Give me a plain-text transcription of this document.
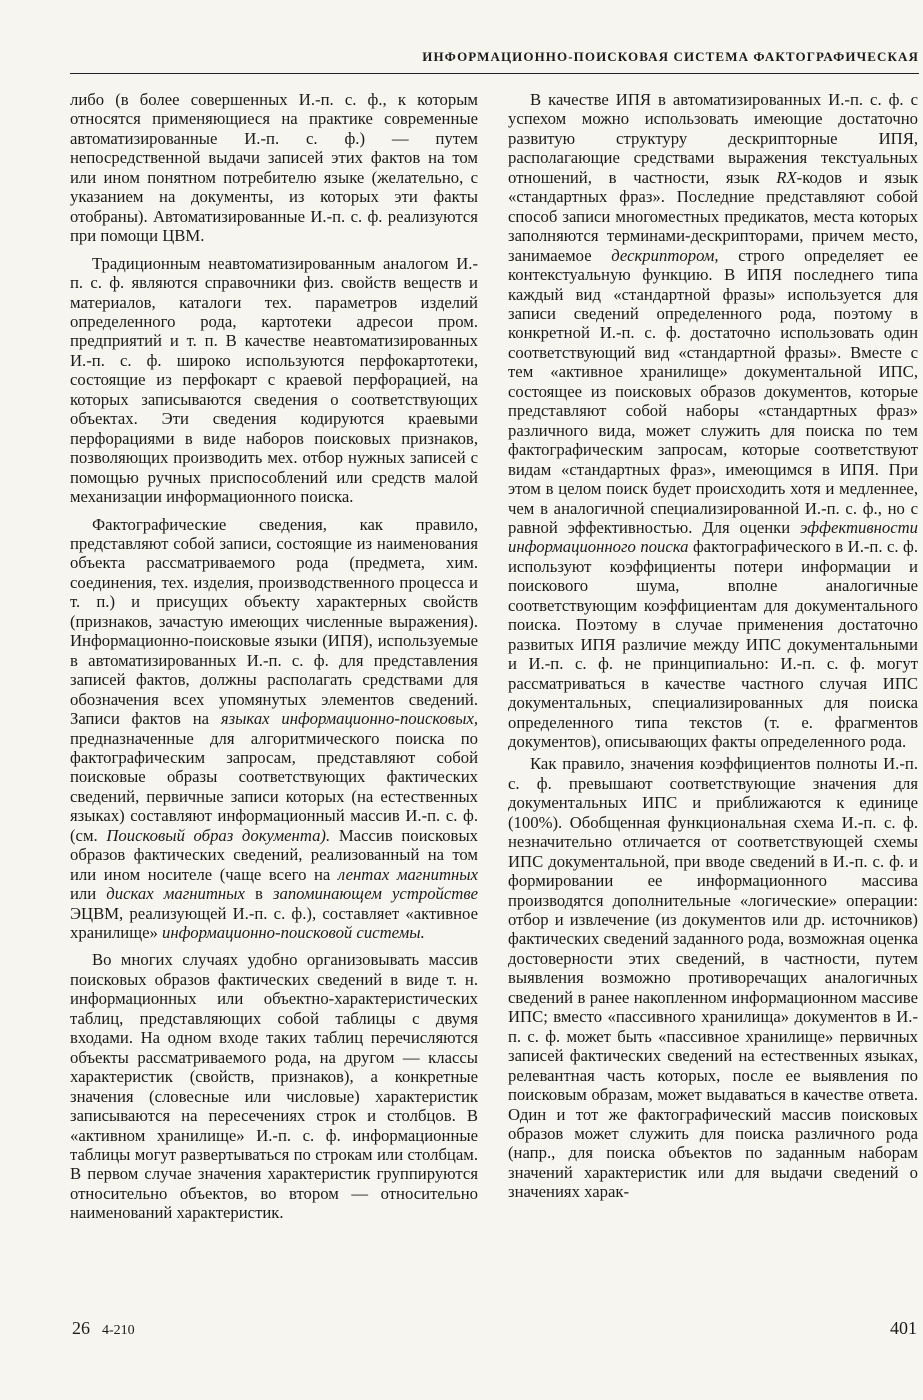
ИНФОРМАЦИОННО-ПОИСКОВАЯ СИСТЕМА ФАКТОГРАФИЧЕСКАЯ

либо (в более совершенных И.-п. с. ф., к которым относятся применяющиеся на практике современные автоматизированные И.-п. с. ф.) — путем непосредственной выдачи записей этих фактов на том или ином понятном потребителю языке (желательно, с указанием на документы, из которых эти факты отобраны). Автоматизированные И.-п. с. ф. реализуются при помощи ЦВМ.

Традиционным неавтоматизированным аналогом И.-п. с. ф. являются справочники физ. свойств веществ и материалов, каталоги тех. параметров изделий определенного рода, картотеки адресои пром. предприятий и т. п. В качестве неавтоматизированных И.-п. с. ф. широко используются перфокартотеки, состоящие из перфокарт с краевой перфорацией, на которых записываются сведения о соответствующих объектах. Эти сведения кодируются краевыми перфорациями в виде наборов поисковых признаков, позволяющих производить мех. отбор нужных записей с помощью ручных приспособлений или средств малой механизации информационного поиска.

Фактографические сведения, как правило, представляют собой записи, состоящие из наименования объекта рассматриваемого рода (предмета, хим. соединения, тех. изделия, производственного процесса и т. п.) и присущих объекту характерных свойств (признаков, зачастую имеющих численные выражения). Информационно-поисковые языки (ИПЯ), используемые в автоматизированных И.-п. с. ф. для представления записей фактов, должны располагать средствами для обозначения всех упомянутых элементов сведений. Записи фактов на языках информационно-поисковых, предназначенные для алгоритмического поиска по фактографическим запросам, представляют собой поисковые образы соответствующих фактических сведений, первичные записи которых (на естественных языках) составляют информационный массив И.-п. с. ф. (см. Поисковый образ документа). Массив поисковых образов фактических сведений, реализованный на том или ином носителе (чаще всего на лентах магнитных или дисках магнитных в запоминающем устройстве ЭЦВМ, реализующей И.-п. с. ф.), составляет «активное хранилище» информационно-поисковой системы.

Во многих случаях удобно организовывать массив поисковых образов фактических сведений в виде т. н. информационных или объектно-характеристических таблиц, представляющих собой таблицы с двумя входами. На одном входе таких таблиц перечисляются объекты рассматриваемого рода, на другом — классы характеристик (свойств, признаков), а конкретные значения (словесные или числовые) характеристик записываются на пересечениях строк и столбцов. В «активном хранилище» И.-п. с. ф. информационные таблицы могут развертываться по строкам или столбцам. В первом случае значения характеристик группируются относительно объектов, во втором — относительно наименований характеристик.

В качестве ИПЯ в автоматизированных И.-п. с. ф. с успехом можно использовать имеющие достаточно развитую структуру дескрипторные ИПЯ, располагающие средствами выражения текстуальных отношений, в частности, язык RX-кодов и язык «стандартных фраз». Последние представляют собой способ записи многоместных предикатов, места которых заполняются терминами-дескрипторами, причем место, занимаемое дескриптором, строго определяет ее контекстуальную функцию. В ИПЯ последнего типа каждый вид «стандартной фразы» используется для записи сведений определенного рода, поэтому в конкретной И.-п. с. ф. достаточно использовать один соответствующий вид «стандартной фразы». Вместе с тем «активное хранилище» документальной ИПС, состоящее из поисковых образов документов, которые представляют собой наборы «стандартных фраз» различного вида, может служить для поиска по тем фактографическим запросам, которые соответствуют видам «стандартных фраз», имеющимся в ИПЯ. При этом в целом поиск будет происходить хотя и медленнее, чем в аналогичной специализированной И.-п. с. ф., но с равной эффективностью. Для оценки эффективности информационного поиска фактографического в И.-п. с. ф. используют коэффициенты потери информации и поискового шума, вполне аналогичные соответствующим коэффициентам для документального поиска. Поэтому в случае применения достаточно развитых ИПЯ различие между ИПС документальными и И.-п. с. ф. не принципиально: И.-п. с. ф. могут рассматриваться в качестве частного случая ИПС документальных, специализированных для поиска определенного типа текстов (т. е. фрагментов документов), описывающих факты определенного рода.

Как правило, значения коэффициентов полноты И.-п. с. ф. превышают соответствующие значения для документальных ИПС и приближаются к единице (100%). Обобщенная функциональная схема И.-п. с. ф. незначительно отличается от соответствующей схемы ИПС документальной, при вводе сведений в И.-п. с. ф. и формировании ее информационного массива производятся дополнительные «логические» операции: отбор и извлечение (из документов или др. источников) фактических сведений заданного рода, возможная оценка достоверности этих сведений, в частности, путем выявления возможно противоречащих аналогичных сведений в ранее накопленном информационном массиве ИПС; вместо «пассивного хранилища» документов в И.-п. с. ф. может быть «пассивное хранилище» первичных записей фактических сведений на естественных языках, релевантная часть которых, после ее выявления по поисковым образам, может выдаваться в качестве ответа. Один и тот же фактографический массив поисковых образов может служить для поиска различного рода (напр., для поиска объектов по заданным наборам значений характеристик или для выдачи сведений о значениях харак-

26 4-210	401
